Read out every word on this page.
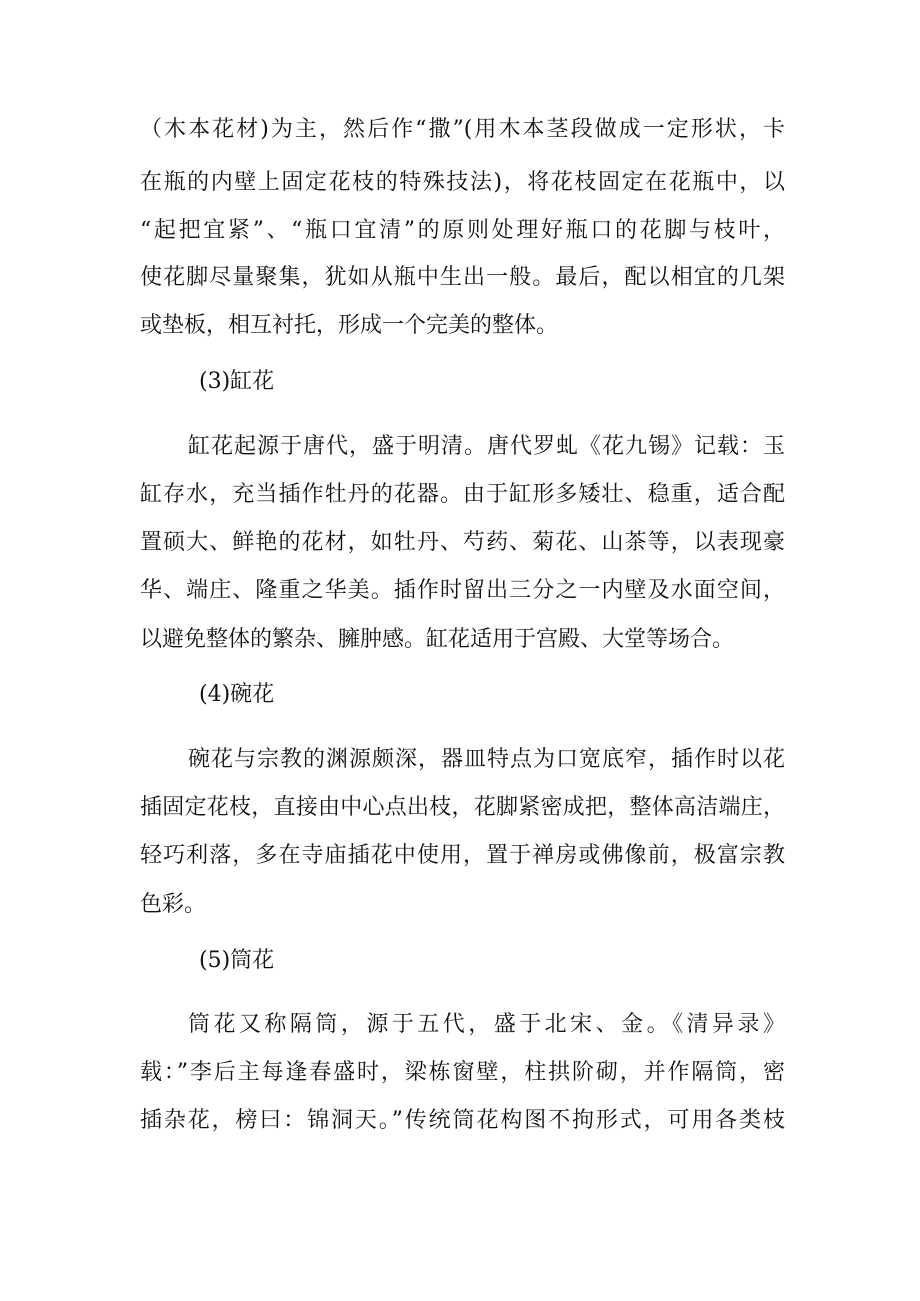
（木本花材)为主，然后作“撒”(用木本茎段做成一定形状，卡
在瓶的内壁上固定花枝的特殊技法)，将花枝固定在花瓶中，以
“起把宜紧”、“瓶口宜清”的原则处理好瓶口的花脚与枝叶，
使花脚尽量聚集，犹如从瓶中生出一般。最后，配以相宜的几架
或垫板，相互衬托，形成一个完美的整体。
(3)缸花
缸花起源于唐代，盛于明清。唐代罗虬《花九锡》记载：玉
缸存水，充当插作牡丹的花器。由于缸形多矮壮、稳重，适合配
置硕大、鲜艳的花材，如牡丹、芍药、菊花、山茶等，以表现豪
华、端庄、隆重之华美。插作时留出三分之一内壁及水面空间，
以避免整体的繁杂、臃肿感。缸花适用于宫殿、大堂等场合。
(4)碗花
碗花与宗教的渊源颇深，器皿特点为口宽底窄，插作时以花
插固定花枝，直接由中心点出枝，花脚紧密成把，整体高洁端庄，
轻巧利落，多在寺庙插花中使用，置于禅房或佛像前，极富宗教
色彩。
(5)筒花
筒花又称隔筒，源于五代，盛于北宋、金。《清异录》
载：”李后主每逢春盛时，梁栋窗壁，柱拱阶砌，并作隔筒，密
插杂花，榜曰：锦洞天。”传统筒花构图不拘形式，可用各类枝
